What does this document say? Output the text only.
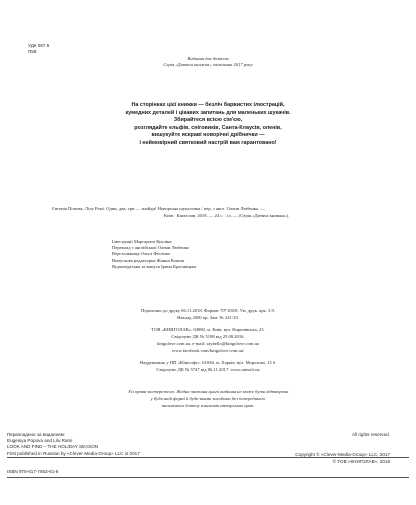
УДК 087.5
П58
Видання для дозвілля
Серія «Дитяча книжка» заснована 2017 року
На сторінках цієї книжки — безліч барвистих ілюстрацій,
кумедних деталей і цікавих запитань для маленьких шукачів.
Збирайтеся всією сім'єю,
розглядайте ельфів, сніговиків, Санта-Клаусів, оленів,
вишукуйте яскраві новорічні дрібнички —
і неймовірний святковий настрій вам гарантовано!
Євгенія Попова, Лілу Рамі. Один, два, три — знайди! Новорічна шукалочка / пер. з англ. Олени Любенко. —
Київ : Книголав, 2018. — 24 с. : іл. — (Серія «Дитяча книжка»).
Ілюстрації Маргарита Кукліна
Переклад з англійської Олени Любенко
Верстальниця Ольга Фесенко
Випускова редакторка Жанна Кошик
Відповідальна за випуск Ірина Красницька
Підписано до друку 06.11.2018. Формат 70*100/8. Ум. друк. арк. 3,9.
Наклад 2000 пр. Зам. № 241/10.
ТОВ «КНИГОЛАВ». 04080, м. Київ, вул. Кирилівська, 23.
Свідоцтво ДК № 5188 від 25.08.2016.
knigolove.com.ua, e-mail: sayhello@knigolove.com.ua
www.facebook.com/knigolove.com.ua/
Надруковано у ПП «Юнісофт». 61036, м. Харків, вул. Морозова, 13 б.
Свідоцтво ДК № 5747 від 06.11.2017. www.unisoft.ua
Усі права застережено. Жодна частина цього видання не може бути відтворена
у будь-якій формі й будь-якими засобами без попереднього
письмового дозволу власників авторських прав.
Перекладено за виданням:
Eugeniya Popova and Lilu Rami
LOOK AND FIND – THE HOLIDAY SEASON
First published in Russian by «Clever-Media-Group» LLC in 2017
All rights reserved.
Copyright © «Clever-Media-Group» LLC, 2017
© ТОВ «КНИГОЛАВ», 2018
ISBN 978-617-7563-61-6
